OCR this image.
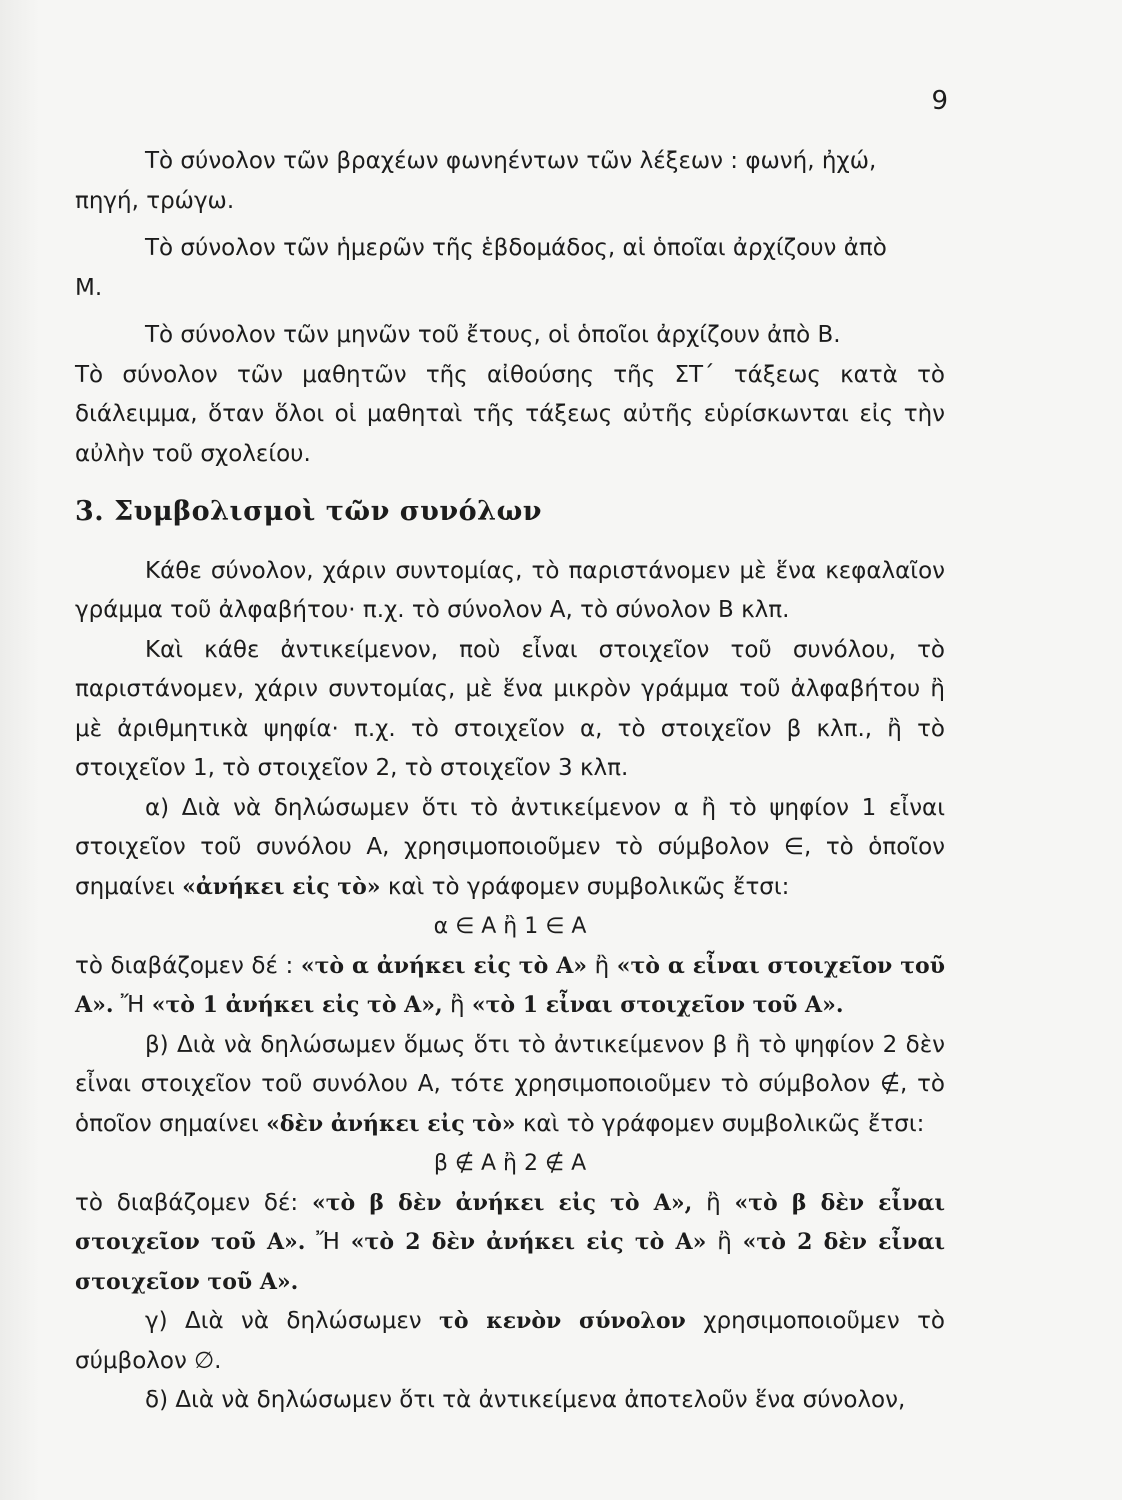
9

Τὸ σύνολον τῶν βραχέων φωνηέντων τῶν λέξεων : φωνή, ἠχώ,
πηγή, τρώγω.

Τὸ σύνολον τῶν ἡμερῶν τῆς ἑβδομάδος, αἱ ὁποῖαι ἀρχίζουν ἀπὸ
Μ.

Τὸ σύνολον τῶν μηνῶν τοῦ ἔτους, οἱ ὁποῖοι ἀρχίζουν ἀπὸ Β.

Τὸ σύνολον τῶν μαθητῶν τῆς αἰθούσης τῆς ΣΤ΄ τάξεως κατὰ τὸ διάλειμμα, ὅταν ὅλοι οἱ μαθηταὶ τῆς τάξεως αὐτῆς εὑρίσκωνται εἰς τὴν αὐλὴν τοῦ σχολείου.

3. Συμβολισμοὶ τῶν συνόλων

Κάθε σύνολον, χάριν συντομίας, τὸ παριστάνομεν μὲ ἕνα κεφαλαῖον γράμμα τοῦ ἀλφαβήτου· π.χ. τὸ σύνολον Α, τὸ σύνολον Β κλπ.

Καὶ κάθε ἀντικείμενον, ποὺ εἶναι στοιχεῖον τοῦ συνόλου, τὸ παριστάνομεν, χάριν συντομίας, μὲ ἕνα μικρὸν γράμμα τοῦ ἀλφαβήτου ἢ μὲ ἀριθμητικὰ ψηφία· π.χ. τὸ στοιχεῖον α, τὸ στοιχεῖον β κλπ., ἢ τὸ στοιχεῖον 1, τὸ στοιχεῖον 2, τὸ στοιχεῖον 3 κλπ.

α) Διὰ νὰ δηλώσωμεν ὅτι τὸ ἀντικείμενον α ἢ τὸ ψηφίον 1 εἶναι στοιχεῖον τοῦ συνόλου Α, χρησιμοποιοῦμεν τὸ σύμβολον ∈, τὸ ὁποῖον σημαίνει «ἀνήκει εἰς τὸ» καὶ τὸ γράφομεν συμβολικῶς ἔτσι:

α ∈ Α ἢ 1 ∈ Α

τὸ διαβάζομεν δέ : «τὸ α ἀνήκει εἰς τὸ Α» ἢ «τὸ α εἶναι στοιχεῖον τοῦ Α». Ἤ «τὸ 1 ἀνήκει εἰς τὸ Α», ἢ «τὸ 1 εἶναι στοιχεῖον τοῦ Α».

β) Διὰ νὰ δηλώσωμεν ὅμως ὅτι τὸ ἀντικείμενον β ἢ τὸ ψηφίον 2 δὲν εἶναι στοιχεῖον τοῦ συνόλου Α, τότε χρησιμοποιοῦμεν τὸ σύμβολον ∉, τὸ ὁποῖον σημαίνει «δὲν ἀνήκει εἰς τὸ» καὶ τὸ γράφομεν συμβολικῶς ἔτσι:

β ∉ Α ἢ 2 ∉ Α

τὸ διαβάζομεν δέ: «τὸ β δὲν ἀνήκει εἰς τὸ Α», ἢ «τὸ β δὲν εἶναι στοιχεῖον τοῦ Α». Ἤ «τὸ 2 δὲν ἀνήκει εἰς τὸ Α» ἢ «τὸ 2 δὲν εἶναι στοιχεῖον τοῦ Α».

γ) Διὰ νὰ δηλώσωμεν τὸ κενὸν σύνολον χρησιμοποιοῦμεν τὸ σύμβολον ∅.

δ) Διὰ νὰ δηλώσωμεν ὅτι τὰ ἀντικείμενα ἀποτελοῦν ἕνα σύνολον,
